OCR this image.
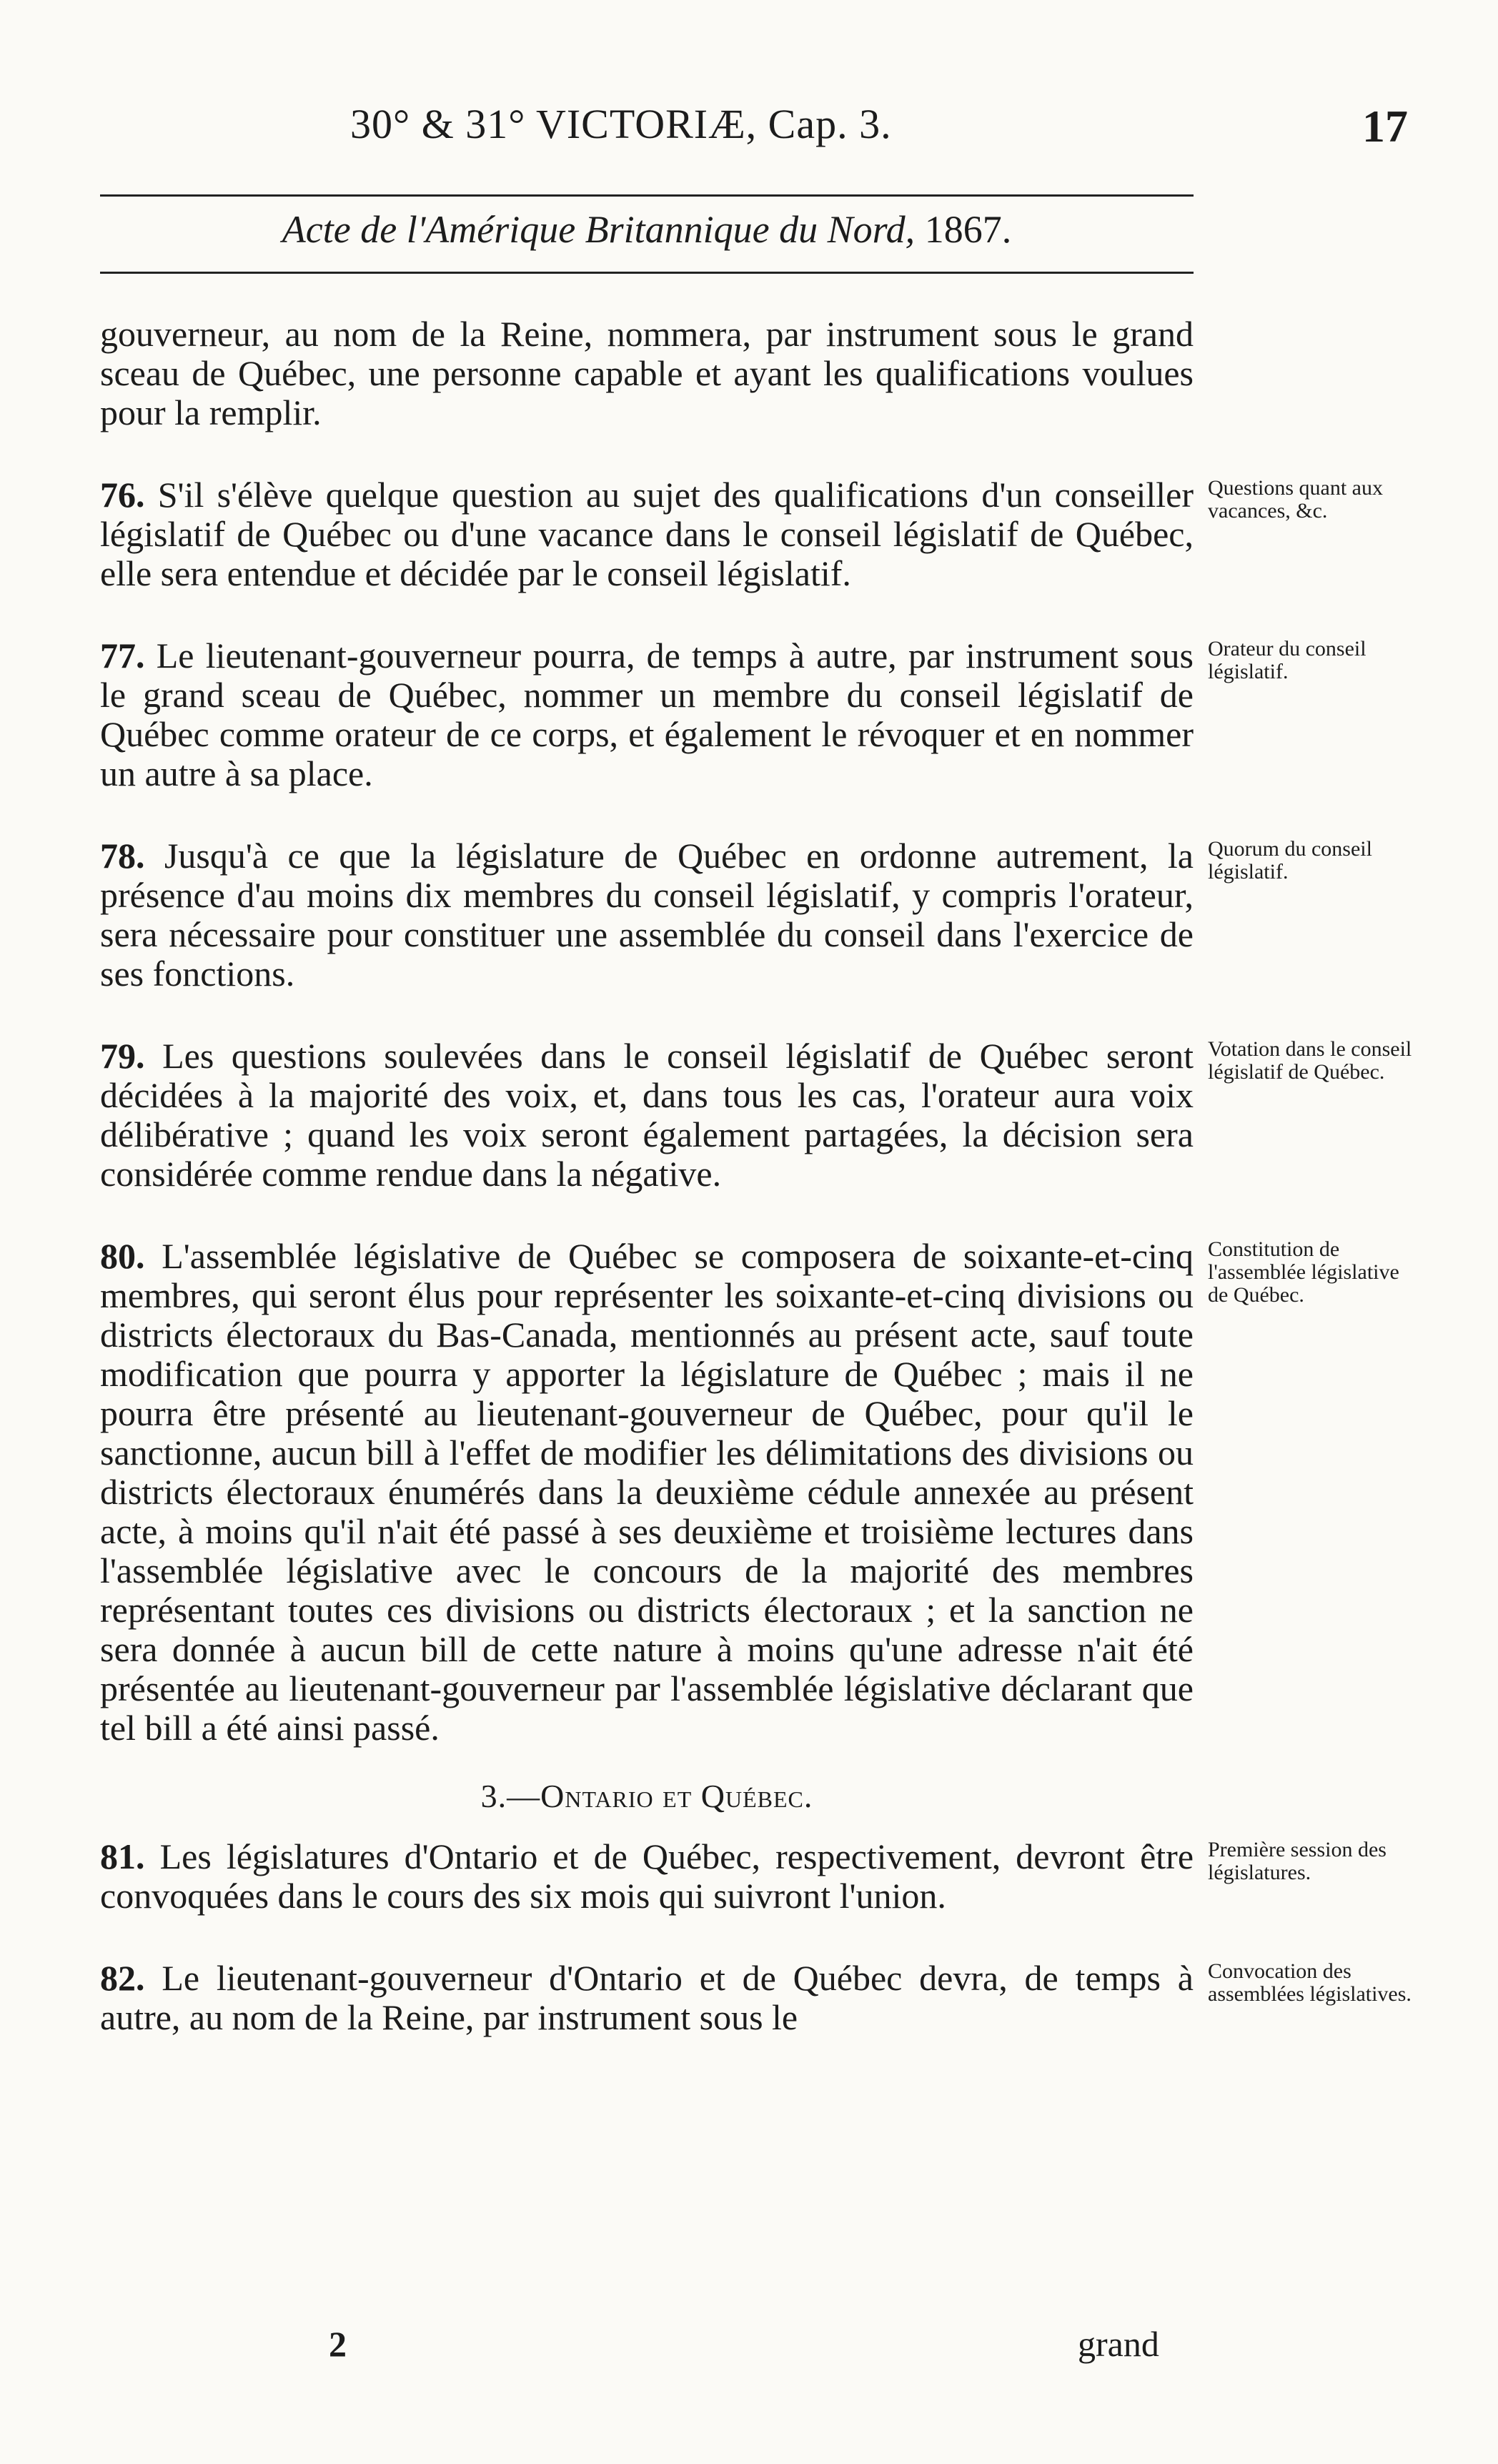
30° & 31° VICTORIÆ, Cap. 3.	17
Acte de l'Amérique Britannique du Nord, 1867.

gouverneur, au nom de la Reine, nommera, par instrument sous le grand sceau de Québec, une personne capable et ayant les qualifications voulues pour la remplir.

76. S'il s'élève quelque question au sujet des qualifications d'un conseiller législatif de Québec ou d'une vacance dans le conseil législatif de Québec, elle sera entendue et décidée par le conseil législatif.
Questions quant aux vacances, &c.

77. Le lieutenant-gouverneur pourra, de temps à autre, par instrument sous le grand sceau de Québec, nommer un membre du conseil législatif de Québec comme orateur de ce corps, et également le révoquer et en nommer un autre à sa place.
Orateur du conseil législatif.

78. Jusqu'à ce que la législature de Québec en ordonne autrement, la présence d'au moins dix membres du conseil législatif, y compris l'orateur, sera nécessaire pour constituer une assemblée du conseil dans l'exercice de ses fonctions.
Quorum du conseil législatif.

79. Les questions soulevées dans le conseil législatif de Québec seront décidées à la majorité des voix, et, dans tous les cas, l'orateur aura voix délibérative ; quand les voix seront également partagées, la décision sera considérée comme rendue dans la négative.
Votation dans le conseil législatif de Québec.

80. L'assemblée législative de Québec se composera de soixante-et-cinq membres, qui seront élus pour représenter les soixante-et-cinq divisions ou districts électoraux du Bas-Canada, mentionnés au présent acte, sauf toute modification que pourra y apporter la législature de Québec ; mais il ne pourra être présenté au lieutenant-gouverneur de Québec, pour qu'il le sanctionne, aucun bill à l'effet de modifier les délimitations des divisions ou districts électoraux énumérés dans la deuxième cédule annexée au présent acte, à moins qu'il n'ait été passé à ses deuxième et troisième lectures dans l'assemblée législative avec le concours de la majorité des membres représentant toutes ces divisions ou districts électoraux ; et la sanction ne sera donnée à aucun bill de cette nature à moins qu'une adresse n'ait été présentée au lieutenant-gouverneur par l'assemblée législative déclarant que tel bill a été ainsi passé.
Constitution de l'assemblée législative de Québec.

3.—Ontario et Québec.

81. Les législatures d'Ontario et de Québec, respectivement, devront être convoquées dans le cours des six mois qui suivront l'union.
Première session des législatures.

82. Le lieutenant-gouverneur d'Ontario et de Québec devra, de temps à autre, au nom de la Reine, par instrument sous le
Convocation des assemblées législatives.

2	grand
